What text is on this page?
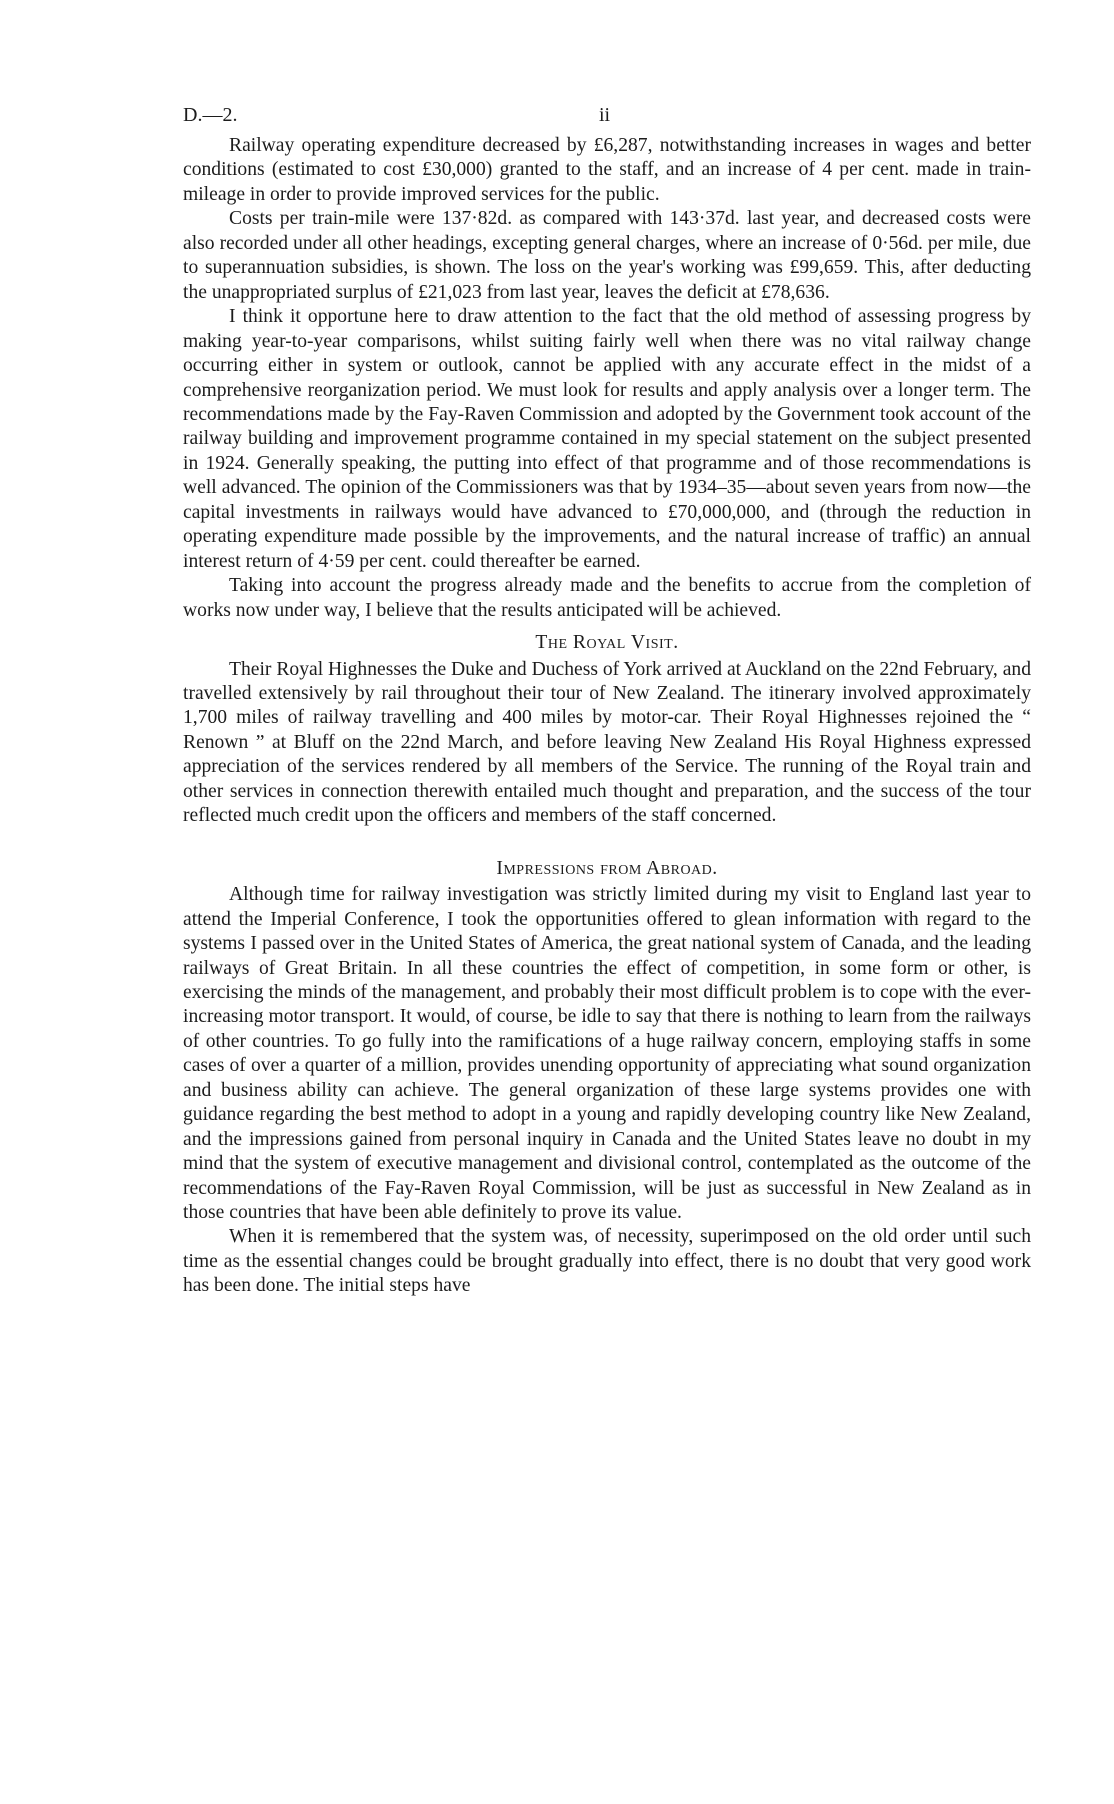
D.—2.	ii

Railway operating expenditure decreased by £6,287, notwithstanding increases in wages and better conditions (estimated to cost £30,000) granted to the staff, and an increase of 4 per cent. made in train-mileage in order to provide improved services for the public.

Costs per train-mile were 137·82d. as compared with 143·37d. last year, and decreased costs were also recorded under all other headings, excepting general charges, where an increase of 0·56d. per mile, due to superannuation subsidies, is shown. The loss on the year's working was £99,659. This, after deducting the unappropriated surplus of £21,023 from last year, leaves the deficit at £78,636.

I think it opportune here to draw attention to the fact that the old method of assessing progress by making year-to-year comparisons, whilst suiting fairly well when there was no vital railway change occurring either in system or outlook, cannot be applied with any accurate effect in the midst of a comprehensive reorganization period. We must look for results and apply analysis over a longer term. The recommendations made by the Fay-Raven Commission and adopted by the Government took account of the railway building and improvement programme contained in my special statement on the subject presented in 1924. Generally speaking, the putting into effect of that programme and of those recommendations is well advanced. The opinion of the Commissioners was that by 1934–35—about seven years from now—the capital investments in railways would have advanced to £70,000,000, and (through the reduction in operating expenditure made possible by the improvements, and the natural increase of traffic) an annual interest return of 4·59 per cent. could thereafter be earned.

Taking into account the progress already made and the benefits to accrue from the completion of works now under way, I believe that the results anticipated will be achieved.

The Royal Visit.

Their Royal Highnesses the Duke and Duchess of York arrived at Auckland on the 22nd February, and travelled extensively by rail throughout their tour of New Zealand. The itinerary involved approximately 1,700 miles of railway travelling and 400 miles by motor-car. Their Royal Highnesses rejoined the “ Renown ” at Bluff on the 22nd March, and before leaving New Zealand His Royal Highness expressed appreciation of the services rendered by all members of the Service. The running of the Royal train and other services in connection therewith entailed much thought and preparation, and the success of the tour reflected much credit upon the officers and members of the staff concerned.

Impressions from Abroad.

Although time for railway investigation was strictly limited during my visit to England last year to attend the Imperial Conference, I took the opportunities offered to glean information with regard to the systems I passed over in the United States of America, the great national system of Canada, and the leading railways of Great Britain. In all these countries the effect of competition, in some form or other, is exercising the minds of the management, and probably their most difficult problem is to cope with the ever-increasing motor transport. It would, of course, be idle to say that there is nothing to learn from the railways of other countries. To go fully into the ramifications of a huge railway concern, employing staffs in some cases of over a quarter of a million, provides unending opportunity of appreciating what sound organization and business ability can achieve. The general organization of these large systems provides one with guidance regarding the best method to adopt in a young and rapidly developing country like New Zealand, and the impressions gained from personal inquiry in Canada and the United States leave no doubt in my mind that the system of executive management and divisional control, contemplated as the outcome of the recommendations of the Fay-Raven Royal Commission, will be just as successful in New Zealand as in those countries that have been able definitely to prove its value.

When it is remembered that the system was, of necessity, superimposed on the old order until such time as the essential changes could be brought gradually into effect, there is no doubt that very good work has been done. The initial steps have
